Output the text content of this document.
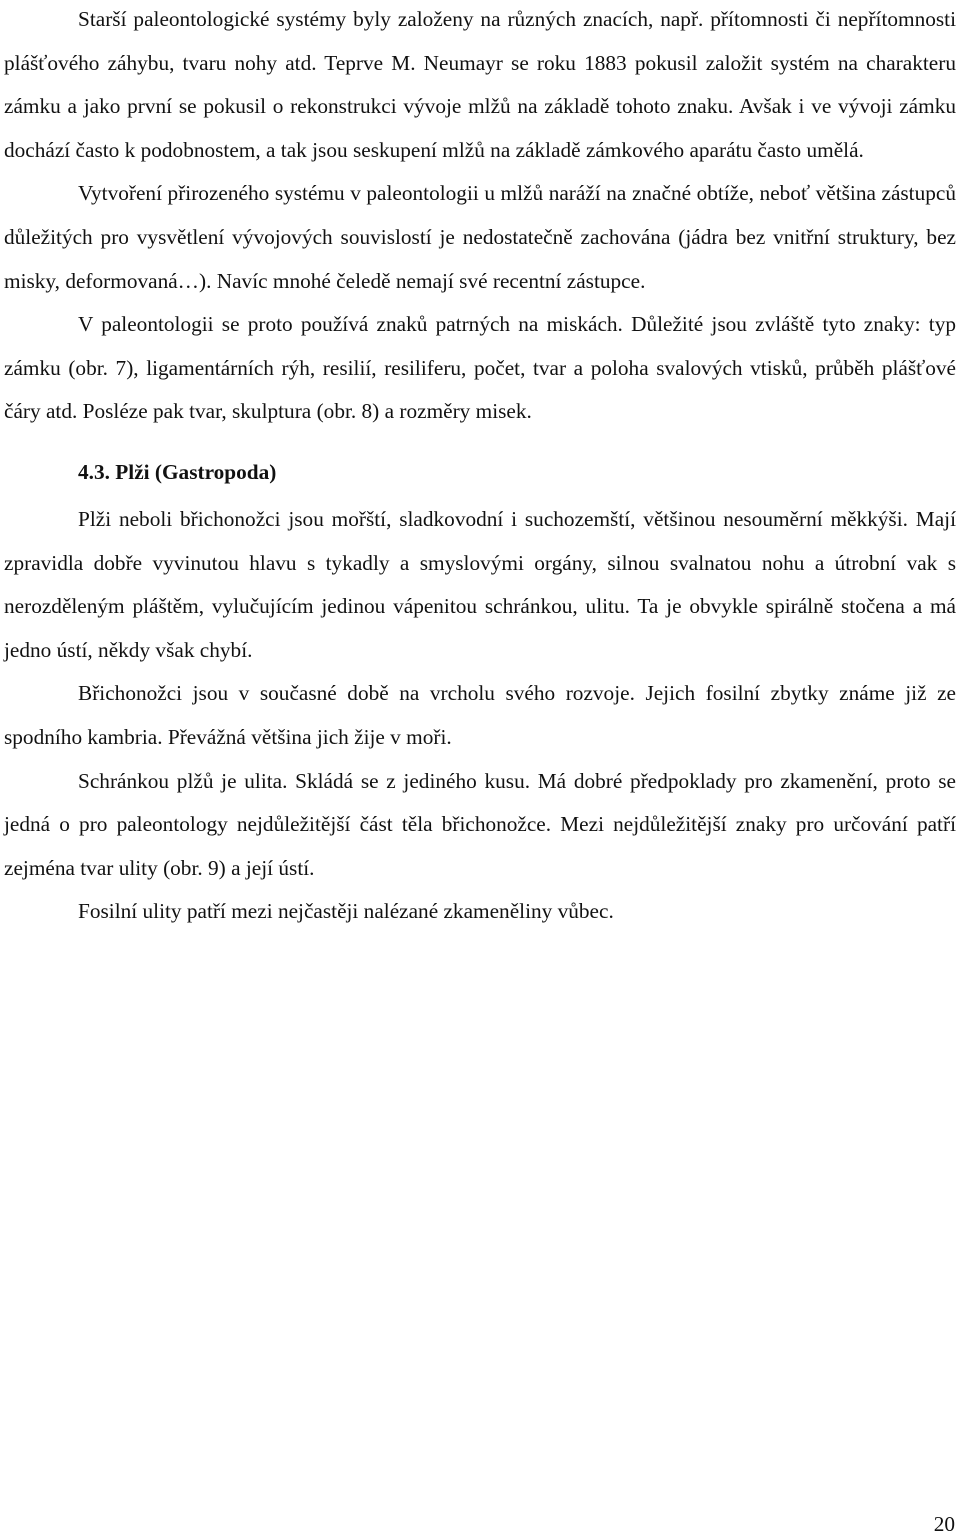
Starší paleontologické systémy byly založeny na různých znacích, např. přítomnosti či nepřítomnosti plášťového záhybu, tvaru nohy atd. Teprve M. Neumayr se roku 1883 pokusil založit systém na charakteru zámku a jako první se pokusil o rekonstrukci vývoje mlžů na základě tohoto znaku. Avšak i ve vývoji zámku dochází často k podobnostem, a tak jsou seskupení mlžů na základě zámkového aparátu často umělá.

Vytvoření přirozeného systému v paleontologii u mlžů naráží na značné obtíže, neboť většina zástupců důležitých pro vysvětlení vývojových souvislostí je nedostatečně zachována (jádra bez vnitřní struktury, bez misky, deformovaná…). Navíc mnohé čeledě nemají své recentní zástupce.

V paleontologii se proto používá znaků patrných na miskách. Důležité jsou zvláště tyto znaky: typ zámku (obr. 7), ligamentárních rýh, resilií, resiliferu, počet, tvar a poloha svalových vtisků, průběh plášťové čáry atd. Posléze pak tvar, skulptura (obr. 8) a rozměry misek.

4.3. Plži (Gastropoda)

Plži neboli břichonožci jsou mořští, sladkovodní i suchozemští, většinou nesouměrní měkkýši. Mají zpravidla dobře vyvinutou hlavu s tykadly a smyslovými orgány, silnou svalnatou nohu a útrobní vak s nerozděleným pláštěm, vylučujícím jedinou vápenitou schránkou, ulitu. Ta je obvykle spirálně stočena a má jedno ústí, někdy však chybí.

Břichonožci jsou v současné době na vrcholu svého rozvoje. Jejich fosilní zbytky známe již ze spodního kambria. Převážná většina jich žije v moři.

Schránkou plžů je ulita. Skládá se z jediného kusu. Má dobré předpoklady pro zkamenění, proto se jedná o pro paleontology nejdůležitější část těla břichonožce. Mezi nejdůležitější znaky pro určování patří zejména tvar ulity (obr. 9) a její ústí.

Fosilní ulity patří mezi nejčastěji nalézané zkameněliny vůbec.

20
